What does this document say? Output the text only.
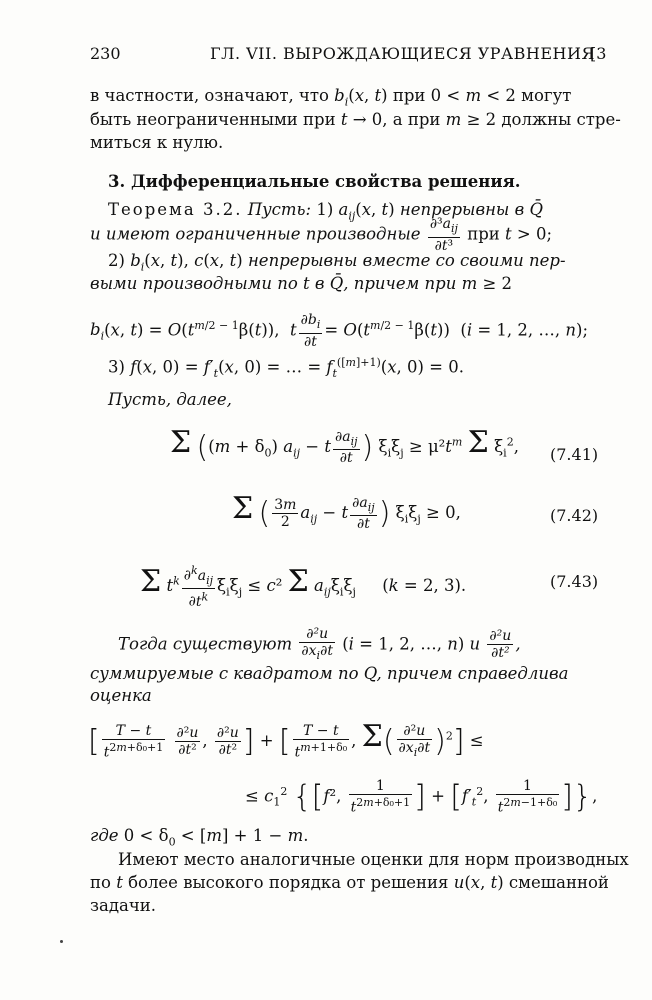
230	ГЛ. VII. ВЫРОЖДАЮЩИЕСЯ УРАВНЕНИЯ
[3
в частности, означают, что $b_i(x$, t) при 0 < m < 2 могут
быть неограниченными при t → 0, а при m ≥ 2 должны стре-
миться к нулю.
3. Дифференциальные свойства решения.
Теорема 3.2. Пусть: 1) $a_{ij}(x$, t) непрерывны в Q̄
и имеют ограниченные производные $\frac{\partial^3a_{ij}}{\text{∂t³}}$ при t > 0;
2) $b_i(x$, t), c(x, t) непрерывны вместе со своими пер-
выми производными по t в Q̄, причем при m ≥ 2
$b_i(x$, $t) = O(t^{m/2 - 1}\beta(t))$,  t $\frac{\partial b_i}{\partial t} = O(t^{m/2 - 1}\beta(t)) (i = 1$, 2, …, n);
3) f(x, $0) = f'_t(x$, 0) = … = $f_t^{([m]+1)}(x$, 0) = 0.
Пусть, далее,
Σ ($(m + \delta_0)$ $a_{ij} - t \frac{\partial a_{ij}}{\partial t}$ ) $\xi_i\xi_j \ge \mu^2t^m$ Σ $\xi_i^2$, (7.41)
Σ ( $\frac{3m}{2} a_{ij} - t \frac{\partial a_{ij}}{\partial t}$ ) $\xi_i\xi_j \ge 0$,	(7.42)
Σ $t^k \frac{\partial^ka_{ij}}{\partial t^k} \xi_i\xi_j \le c^2$ Σ $a_{ij}\xi_i\xi_j$     (k = 2, 3).	(7.43)
Тогда существуют $\frac{\text{∂²u}}{\partial x_i\partial t} (i = 1$, 2, …, n) и $\frac{\text{∂²u}}{\text{∂t²}}$ ,
суммируемые с квадратом по Q, причем справедлива
оценка
[ $\frac{T - t}{t^{2m+\delta_0+1}}$
$\frac{\text{∂²u}}{\text{∂t²}}$ , $\frac{\text{∂²u}}{\text{∂t²}}$ ] + [ $\frac{T - t}{t^{m+1+\delta_0}}$ , $\Sigma( \frac{\text{∂²u}}{\partial x_i\partial t} )^2$] ≤
≤ $c_1^2$ {[f², $\frac{1}{t^{2m+\delta_0+1}}$ ] + [$f'_t^2$, $\frac{1}{t^{2m-1+\delta_0}}$ ]},
где $0 < \delta_0 < [m] + 1 - m$.
Имеют место аналогичные оценки для норм производных
по t более высокого порядка от решения u(x, t) смешанной
задачи.
